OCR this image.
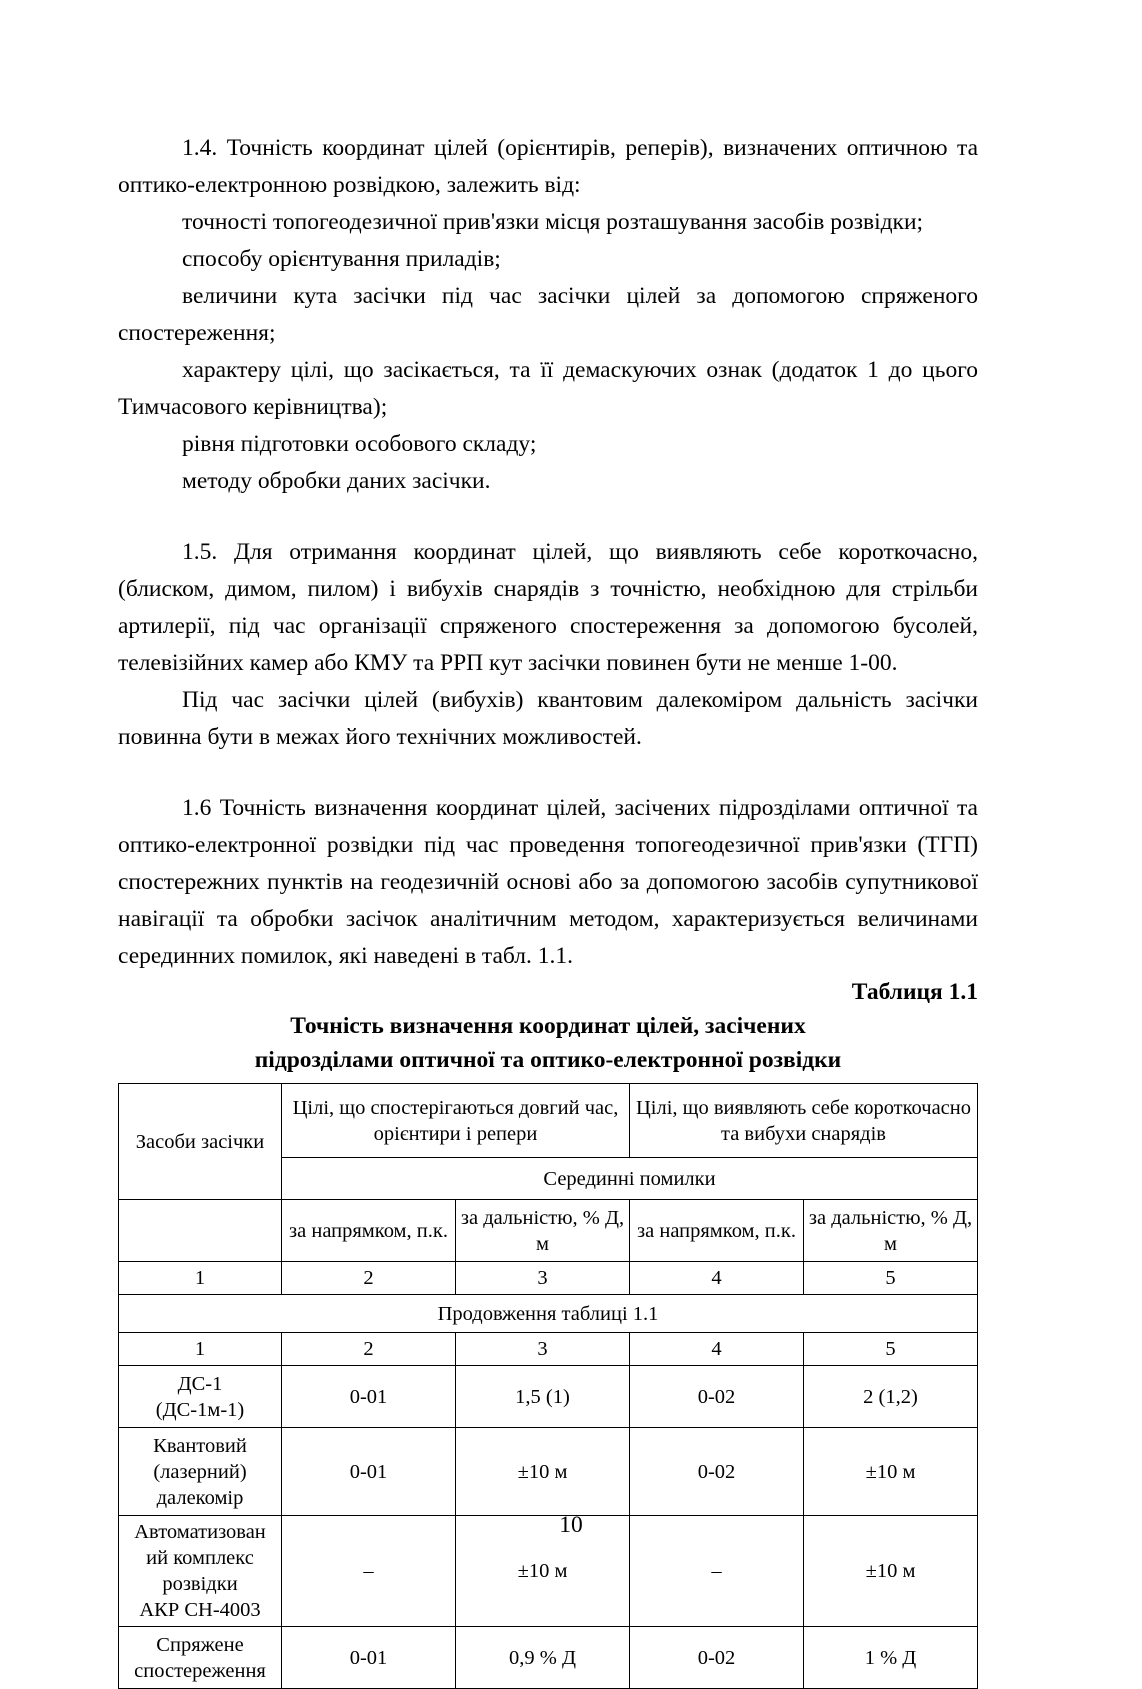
1.4. Точність координат цілей (орієнтирів, реперів), визначених оптичною та оптико-електронною розвідкою, залежить від:

точності топогеодезичної прив'язки місця розташування засобів розвідки;

способу орієнтування приладів;

величини кута засічки під час засічки цілей за допомогою спряженого спостереження;

характеру цілі, що засікається, та її демаскуючих ознак (додаток 1 до цього Тимчасового керівництва);

рівня підготовки особового складу;

методу обробки даних засічки.

1.5. Для отримання координат цілей, що виявляють себе короткочасно, (блиском, димом, пилом) і вибухів снарядів з точністю, необхідною для стрільби артилерії, під час організації спряженого спостереження за допомогою бусолей, телевізійних камер або КМУ та РРП кут засічки повинен бути не менше 1-00.

Під час засічки цілей (вибухів) квантовим далекоміром дальність засічки повинна бути в межах його технічних можливостей.

1.6 Точність визначення координат цілей, засічених підрозділами оптичної та оптико-електронної розвідки під час проведення топогеодезичної прив'язки (ТГП) спостережних пунктів на геодезичній основі або за допомогою засобів супутникової навігації та обробки засічок аналітичним методом, характеризується величинами серединних помилок, які наведені в табл. 1.1.

Таблиця 1.1

Точність визначення координат цілей, засічених

підрозділами оптичної та оптико-електронної розвідки

Засоби засічки	Цілі, що спостерігаються довгий час, орієнтири і репери		Цілі, що виявляють себе короткочасно та вибухи снарядів	
	Серединні помилки			
	за напрямком, п.к.	за дальністю, % Д, м	за напрямком, п.к.	за дальністю, % Д, м
1	2	3	4	5
Продовження таблиці 1.1				
1	2	3	4	5

ДС-1
(ДС-1м-1)	0-01	1,5 (1)	0-02	2 (1,2)

Квантовий
(лазерний)
далекомір	0-01	±10 м	0-02	±10 м

Автоматизован
ий комплекс
розвідки
АКР СН-4003	–	±10 м	–	±10 м

Спряжене
спостереження	0-01	0,9 % Д	0-02	1 % Д
10
